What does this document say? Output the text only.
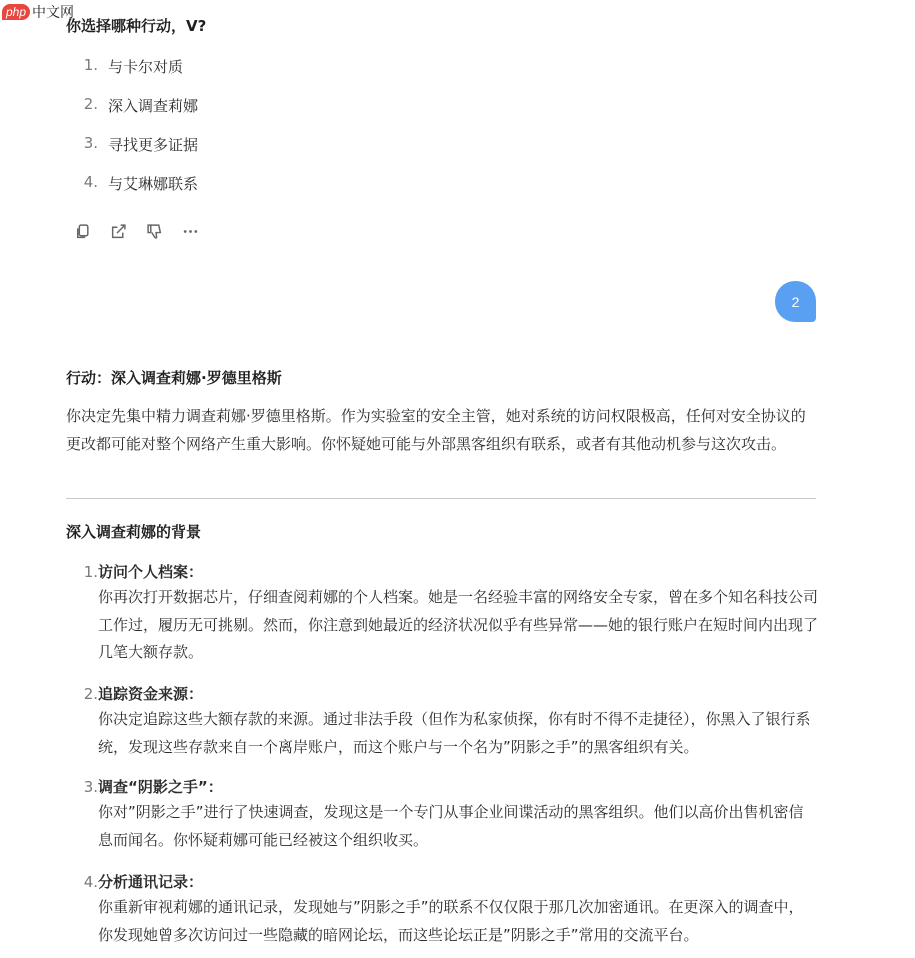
php 中文网

你选择哪种行动，V?

1. 与卡尔对质
2. 深入调查莉娜
3. 寻找更多证据
4. 与艾琳娜联系
2

行动：深入调查莉娜·罗德里格斯

你决定先集中精力调查莉娜·罗德里格斯。作为实验室的安全主管，她对系统的访问权限极高，任何对安全协议的更改都可能对整个网络产生重大影响。你怀疑她可能与外部黑客组织有联系，或者有其他动机参与这次攻击。

深入调查莉娜的背景

1. 访问个人档案：

你再次打开数据芯片，仔细查阅莉娜的个人档案。她是一名经验丰富的网络安全专家，曾在多个知名科技公司工作过，履历无可挑剔。然而，你注意到她最近的经济状况似乎有些异常——她的银行账户在短时间内出现了几笔大额存款。

2. 追踪资金来源：

你决定追踪这些大额存款的来源。通过非法手段（但作为私家侦探，你有时不得不走捷径），你黑入了银行系统，发现这些存款来自一个离岸账户，而这个账户与一个名为”阴影之手”的黑客组织有关。

3. 调查“阴影之手”：

你对”阴影之手”进行了快速调查，发现这是一个专门从事企业间谍活动的黑客组织。他们以高价出售机密信息而闻名。你怀疑莉娜可能已经被这个组织收买。

4. 分析通讯记录：

你重新审视莉娜的通讯记录，发现她与”阴影之手”的联系不仅仅限于那几次加密通讯。在更深入的调查中，你发现她曾多次访问过一些隐藏的暗网论坛，而这些论坛正是”阴影之手”常用的交流平台。
